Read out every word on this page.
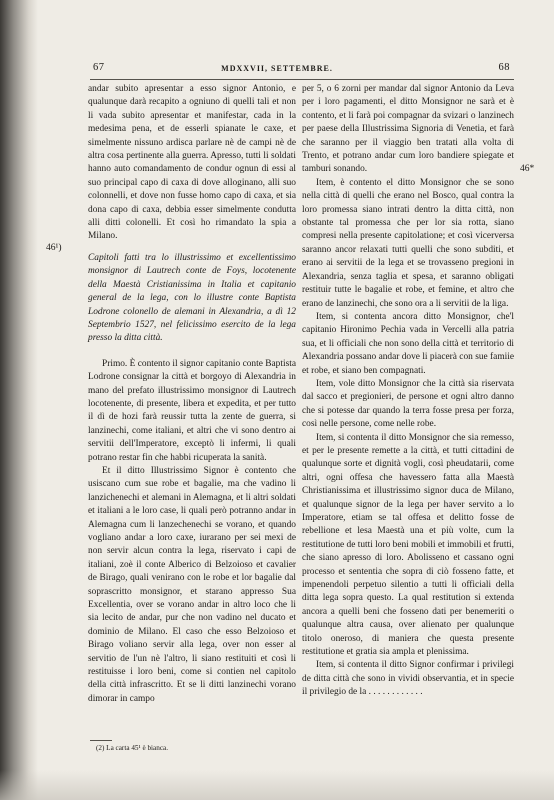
67	MDXXVII, SETTEMBRE.	68
46¹)
46*

andar subito apresentar a esso signor Antonio, e qualunque darà recapito a ogniuno di quelli tali et non li vada subito apresentar et manifestar, cada in la medesima pena, et de esserli spianate le caxe, et simelmente nissuno ardisca parlare nè de campi nè de altra cosa pertinente alla guerra. Apresso, tutti li soldati hanno auto comandamento de condur ognun di essi al suo principal capo di caxa di dove alloginano, alli suo colonnelli, et dove non fusse homo capo di caxa, et sia dona capo di caxa, debbia esser simelmente condutta alli ditti colonelli. Et così ho rimandato la spia a Milano.

Capitoli fatti tra lo illustrissimo et excellentissimo monsignor di Lautrech conte de Foys, locotenente della Maestà Cristianissima in Italia et capitanio general de la lega, con lo illustre conte Baptista Lodrone colonello de alemani in Alexandria, a dì 12 Septembrio 1527, nel felicissimo esercito de la lega presso la ditta città.

Primo. È contento il signor capitanio conte Baptista Lodrone consignar la città et borgoyo di Alexandria in mano del prefato illustrissimo monsignor di Lautrech locotenente, di presente, libera et expedita, et per tutto il dì de hozi farà reussir tutta la zente de guerra, si lanzinechi, come italiani, et altri che vi sono dentro ai servitii dell'Imperatore, exceptò li infermi, li quali potrano restar fin che habbi ricuperata la sanità.

Et il ditto Illustrissimo Signor è contento che usiscano cum sue robe et bagalie, ma che vadino li lanzichenechi et alemani in Alemagna, et li altri soldati et italiani a le loro case, li quali però potranno andar in Alemagna cum li lanzechenechi se vorano, et quando vogliano andar a loro caxe, iurarano per sei mexi de non servir alcun contra la lega, riservato i capi de italiani, zoè il conte Alberico di Belzoioso et cavalier de Birago, quali venirano con le robe et lor bagalie dal soprascritto monsignor, et starano appresso Sua Excellentia, over se vorano andar in altro loco che li sia lecito de andar, pur che non vadino nel ducato et dominio de Milano. El caso che esso Belzoioso et Birago voliano servir alla lega, over non esser al servitio de l'un nè l'altro, li siano restituiti et così li restituisse i loro beni, come si contien nel capitolo della città infrascritto. Et se li ditti lanzinechi vorano dimorar in campo

per 5, o 6 zorni per mandar dal signor Antonio da Leva per i loro pagamenti, el ditto Monsignor ne sarà et è contento, et li farà poi compagnar da svizari o lanzinech per paese della Illustrissima Signoria di Venetia, et farà che saranno per il viaggio ben tratati alla volta di Trento, et potrano andar cum loro bandiere spiegate et tamburi sonando.

Item, è contento el ditto Monsignor che se sono nella città di quelli che erano nel Bosco, qual contra la loro promessa siano intrati dentro la ditta città, non obstante tal promessa che per lor sia rotta, siano compresi nella presente capitolatione; et così vicerversa saranno ancor relaxati tutti quelli che sono subditi, et erano ai servitii de la lega et se trovasseno pregioni in Alexandria, senza taglia et spesa, et saranno obligati restituir tutte le bagalie et robe, et femine, et altro che erano de lanzinechi, che sono ora a li servitii de la liga.

Item, si contenta ancora ditto Monsignor, che'l capitanio Hironimo Pechia vada in Vercelli alla patria sua, et li officiali che non sono della città et territorio di Alexandria possano andar dove li piacerà con sue famiie et robe, et siano ben compagnati.

Item, vole ditto Monsignor che la città sia riservata dal sacco et pregionieri, de persone et ogni altro danno che si potesse dar quando la terra fosse presa per forza, così nelle persone, come nelle robe.

Item, si contenta il ditto Monsignor che sia remesso, et per le presente remette a la città, et tutti cittadini de qualunque sorte et dignità vogli, così pheudatarii, come altri, ogni offesa che havessero fatta alla Maestà Christianissima et illustrissimo signor duca de Milano, et qualunque signor de la lega per haver servito a lo Imperatore, etiam se tal offesa et delitto fosse de rebellione et lesa Maestà una et più volte, cum la restitutione de tutti loro beni mobili et immobili et frutti, che siano apresso di loro. Abolisseno et cassano ogni processo et sententia che sopra di ciò fosseno fatte, et impenendoli perpetuo silentio a tutti li officiali della ditta lega sopra questo. La qual restitution si extenda ancora a quelli beni che fosseno dati per benemeriti o qualunque altra causa, over alienato per qualunque titolo oneroso, di maniera che questa presente restitutione et gratia sia ampla et plenissima.

Item, si contenta il ditto Signor confirmar i privilegi de ditta città che sono in vividi observantia, et in specie il privilegio de la . . . . . . . . . . . .

(2) La carta 45¹ è bianca.
